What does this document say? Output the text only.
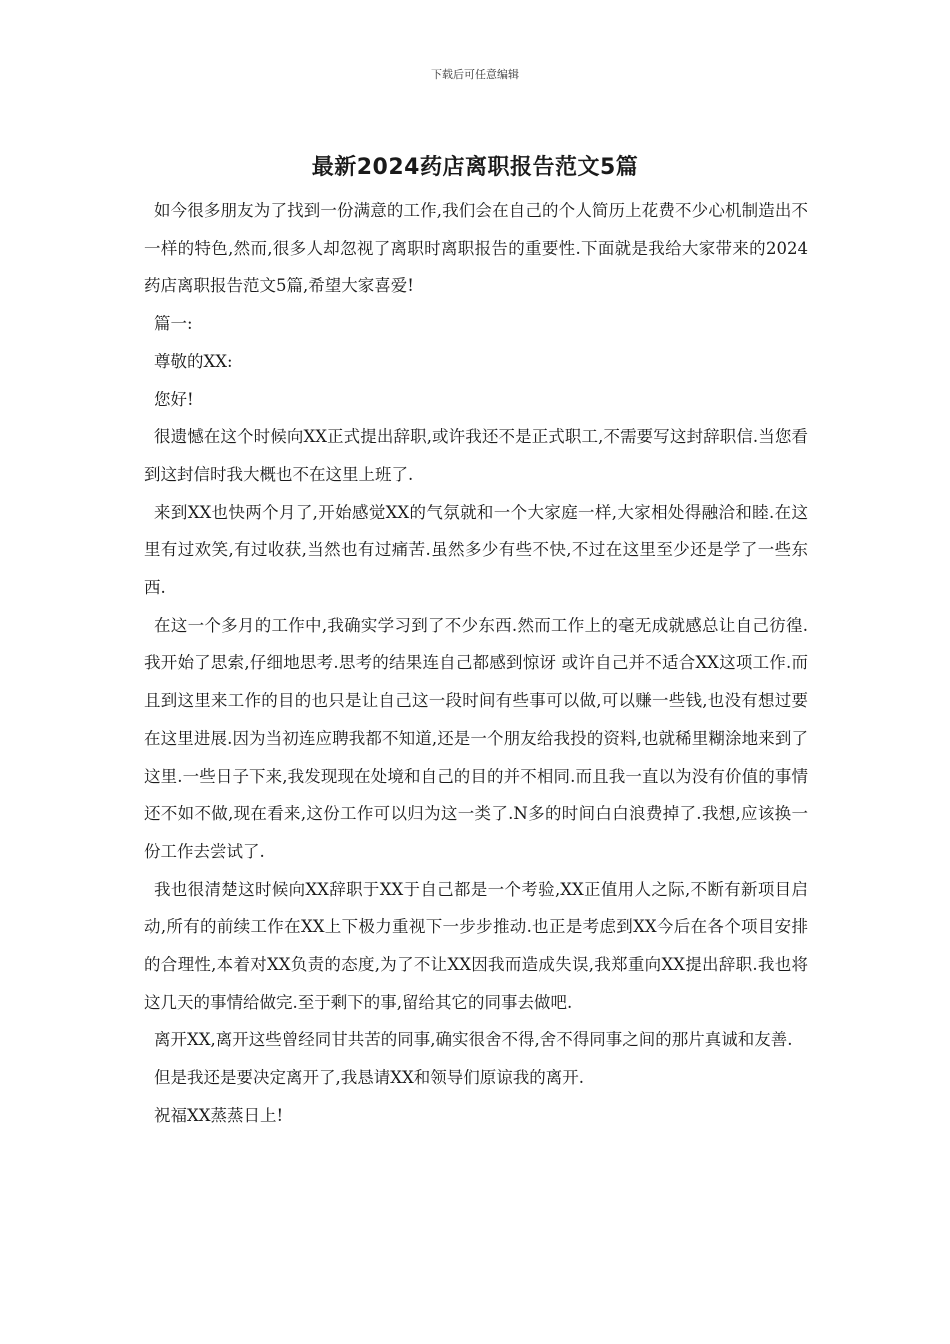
下载后可任意编辑
最新2024药店离职报告范文5篇

如今很多朋友为了找到一份满意的工作,我们会在自己的个人简历上花费不少心机制造出不一样的特色,然而,很多人却忽视了离职时离职报告的重要性.下面就是我给大家带来的2024药店离职报告范文5篇,希望大家喜爱!

篇一:

尊敬的XX:

您好!

很遗憾在这个时候向XX正式提出辞职,或许我还不是正式职工,不需要写这封辞职信.当您看到这封信时我大概也不在这里上班了.

来到XX也快两个月了,开始感觉XX的气氛就和一个大家庭一样,大家相处得融洽和睦.在这里有过欢笑,有过收获,当然也有过痛苦.虽然多少有些不快,不过在这里至少还是学了一些东西.

在这一个多月的工作中,我确实学习到了不少东西.然而工作上的毫无成就感总让自己彷徨.我开始了思索,仔细地思考.思考的结果连自己都感到惊讶 或许自己并不适合XX这项工作.而且到这里来工作的目的也只是让自己这一段时间有些事可以做,可以赚一些钱,也没有想过要在这里进展.因为当初连应聘我都不知道,还是一个朋友给我投的资料,也就稀里糊涂地来到了这里.一些日子下来,我发现现在处境和自己的目的并不相同.而且我一直以为没有价值的事情还不如不做,现在看来,这份工作可以归为这一类了.N多的时间白白浪费掉了.我想,应该换一份工作去尝试了.

我也很清楚这时候向XX辞职于XX于自己都是一个考验,XX正值用人之际,不断有新项目启动,所有的前续工作在XX上下极力重视下一步步推动.也正是考虑到XX今后在各个项目安排的合理性,本着对XX负责的态度,为了不让XX因我而造成失误,我郑重向XX提出辞职.我也将这几天的事情给做完.至于剩下的事,留给其它的同事去做吧.

离开XX,离开这些曾经同甘共苦的同事,确实很舍不得,舍不得同事之间的那片真诚和友善.

但是我还是要决定离开了,我恳请XX和领导们原谅我的离开.

祝福XX蒸蒸日上!
